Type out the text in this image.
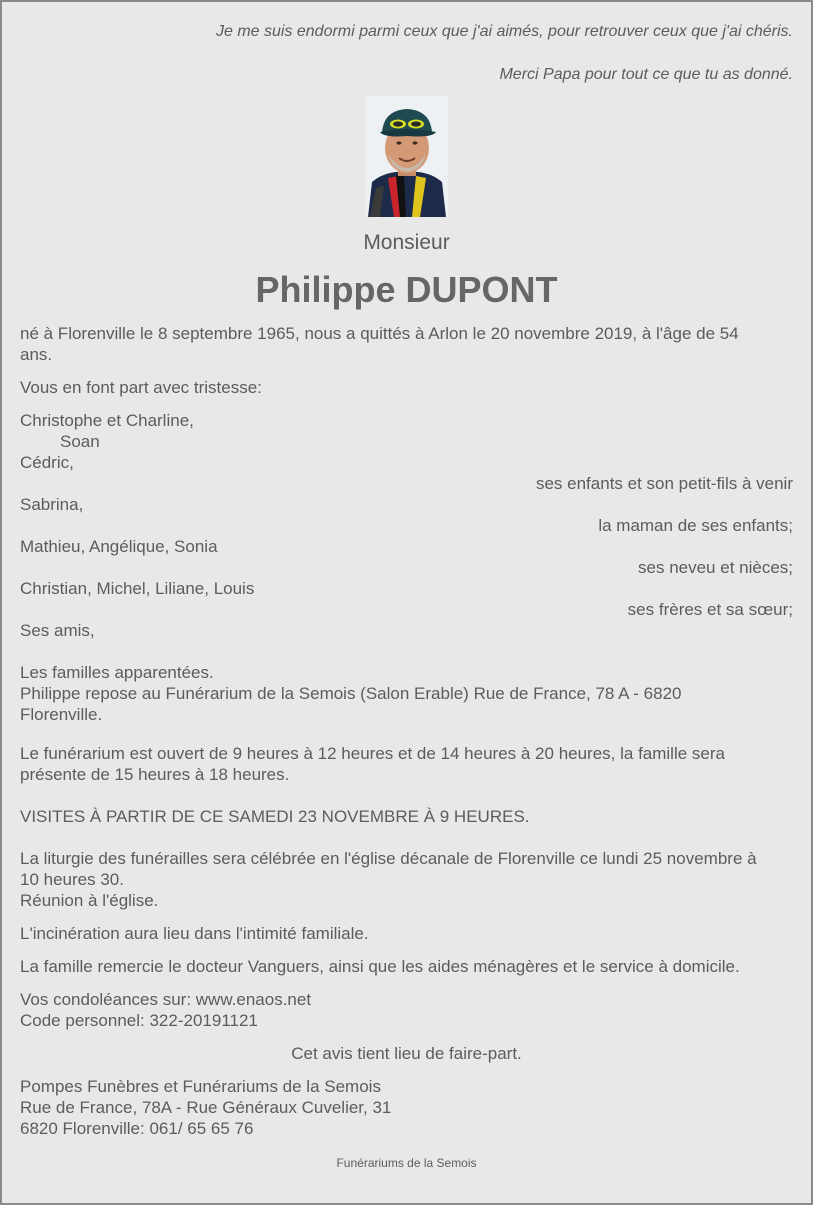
Je me suis endormi parmi ceux que j'ai aimés, pour retrouver ceux que j'ai chéris.
Merci Papa pour tout ce que tu as donné.
Monsieur
Philippe DUPONT
né à Florenville le 8 septembre 1965, nous a quittés à Arlon le 20 novembre 2019, à l'âge de 54
ans.
Vous en font part avec tristesse:
Christophe et Charline,
Soan
Cédric,
ses enfants et son petit-fils à venir
Sabrina,
la maman de ses enfants;
Mathieu, Angélique, Sonia
ses neveu et nièces;
Christian, Michel, Liliane, Louis
ses frères et sa sœur;
Ses amis,
Les familles apparentées.
Philippe repose au Funérarium de la Semois (Salon Erable) Rue de France, 78 A - 6820
Florenville.
Le funérarium est ouvert de 9 heures à 12 heures et de 14 heures à 20 heures, la famille sera
présente de 15 heures à 18 heures.
VISITES À PARTIR DE CE SAMEDI 23 NOVEMBRE À 9 HEURES.
La liturgie des funérailles sera célébrée en l'église décanale de Florenville ce lundi 25 novembre à
10 heures 30.
Réunion à l'église.
L'incinération aura lieu dans l'intimité familiale.
La famille remercie le docteur Vanguers, ainsi que les aides ménagères et le service à domicile.
Vos condoléances sur: www.enaos.net
Code personnel: 322-20191121
Cet avis tient lieu de faire-part.
Pompes Funèbres et Funérariums de la Semois
Rue de France, 78A - Rue Généraux Cuvelier, 31
6820 Florenville: 061/ 65 65 76
Funérariums de la Semois
